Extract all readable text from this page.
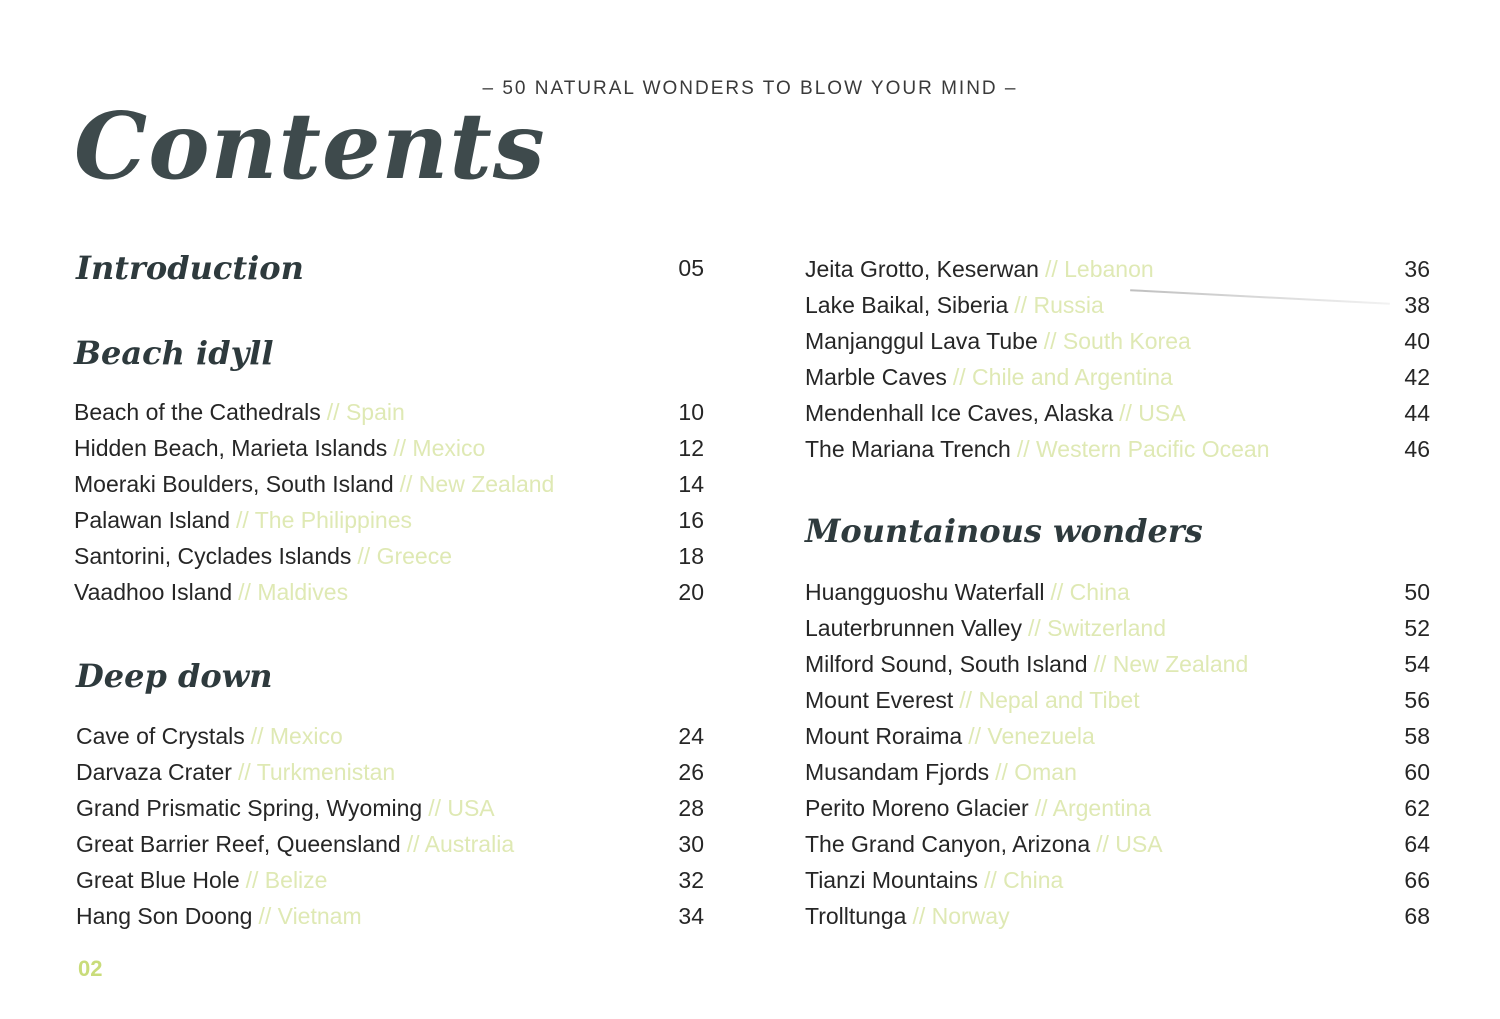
– 50 NATURAL WONDERS TO BLOW YOUR MIND –
Contents
Introduction	05
Beach idyll
Beach of the Cathedrals // Spain	10
Hidden Beach, Marieta Islands // Mexico	12
Moeraki Boulders, South Island // New Zealand	14
Palawan Island // The Philippines	16
Santorini, Cyclades Islands // Greece	18
Vaadhoo Island // Maldives	20
Deep down
Cave of Crystals // Mexico	24
Darvaza Crater // Turkmenistan	26
Grand Prismatic Spring, Wyoming // USA	28
Great Barrier Reef, Queensland // Australia	30
Great Blue Hole // Belize	32
Hang Son Doong // Vietnam	34
Jeita Grotto, Keserwan // Lebanon	36
Lake Baikal, Siberia // Russia	38
Manjanggul Lava Tube // South Korea	40
Marble Caves // Chile and Argentina	42
Mendenhall Ice Caves, Alaska // USA	44
The Mariana Trench // Western Pacific Ocean	46
Mountainous wonders
Huangguoshu Waterfall // China	50
Lauterbrunnen Valley // Switzerland	52
Milford Sound, South Island // New Zealand	54
Mount Everest // Nepal and Tibet	56
Mount Roraima // Venezuela	58
Musandam Fjords // Oman	60
Perito Moreno Glacier // Argentina	62
The Grand Canyon, Arizona // USA	64
Tianzi Mountains // China	66
Trolltunga // Norway	68
02
